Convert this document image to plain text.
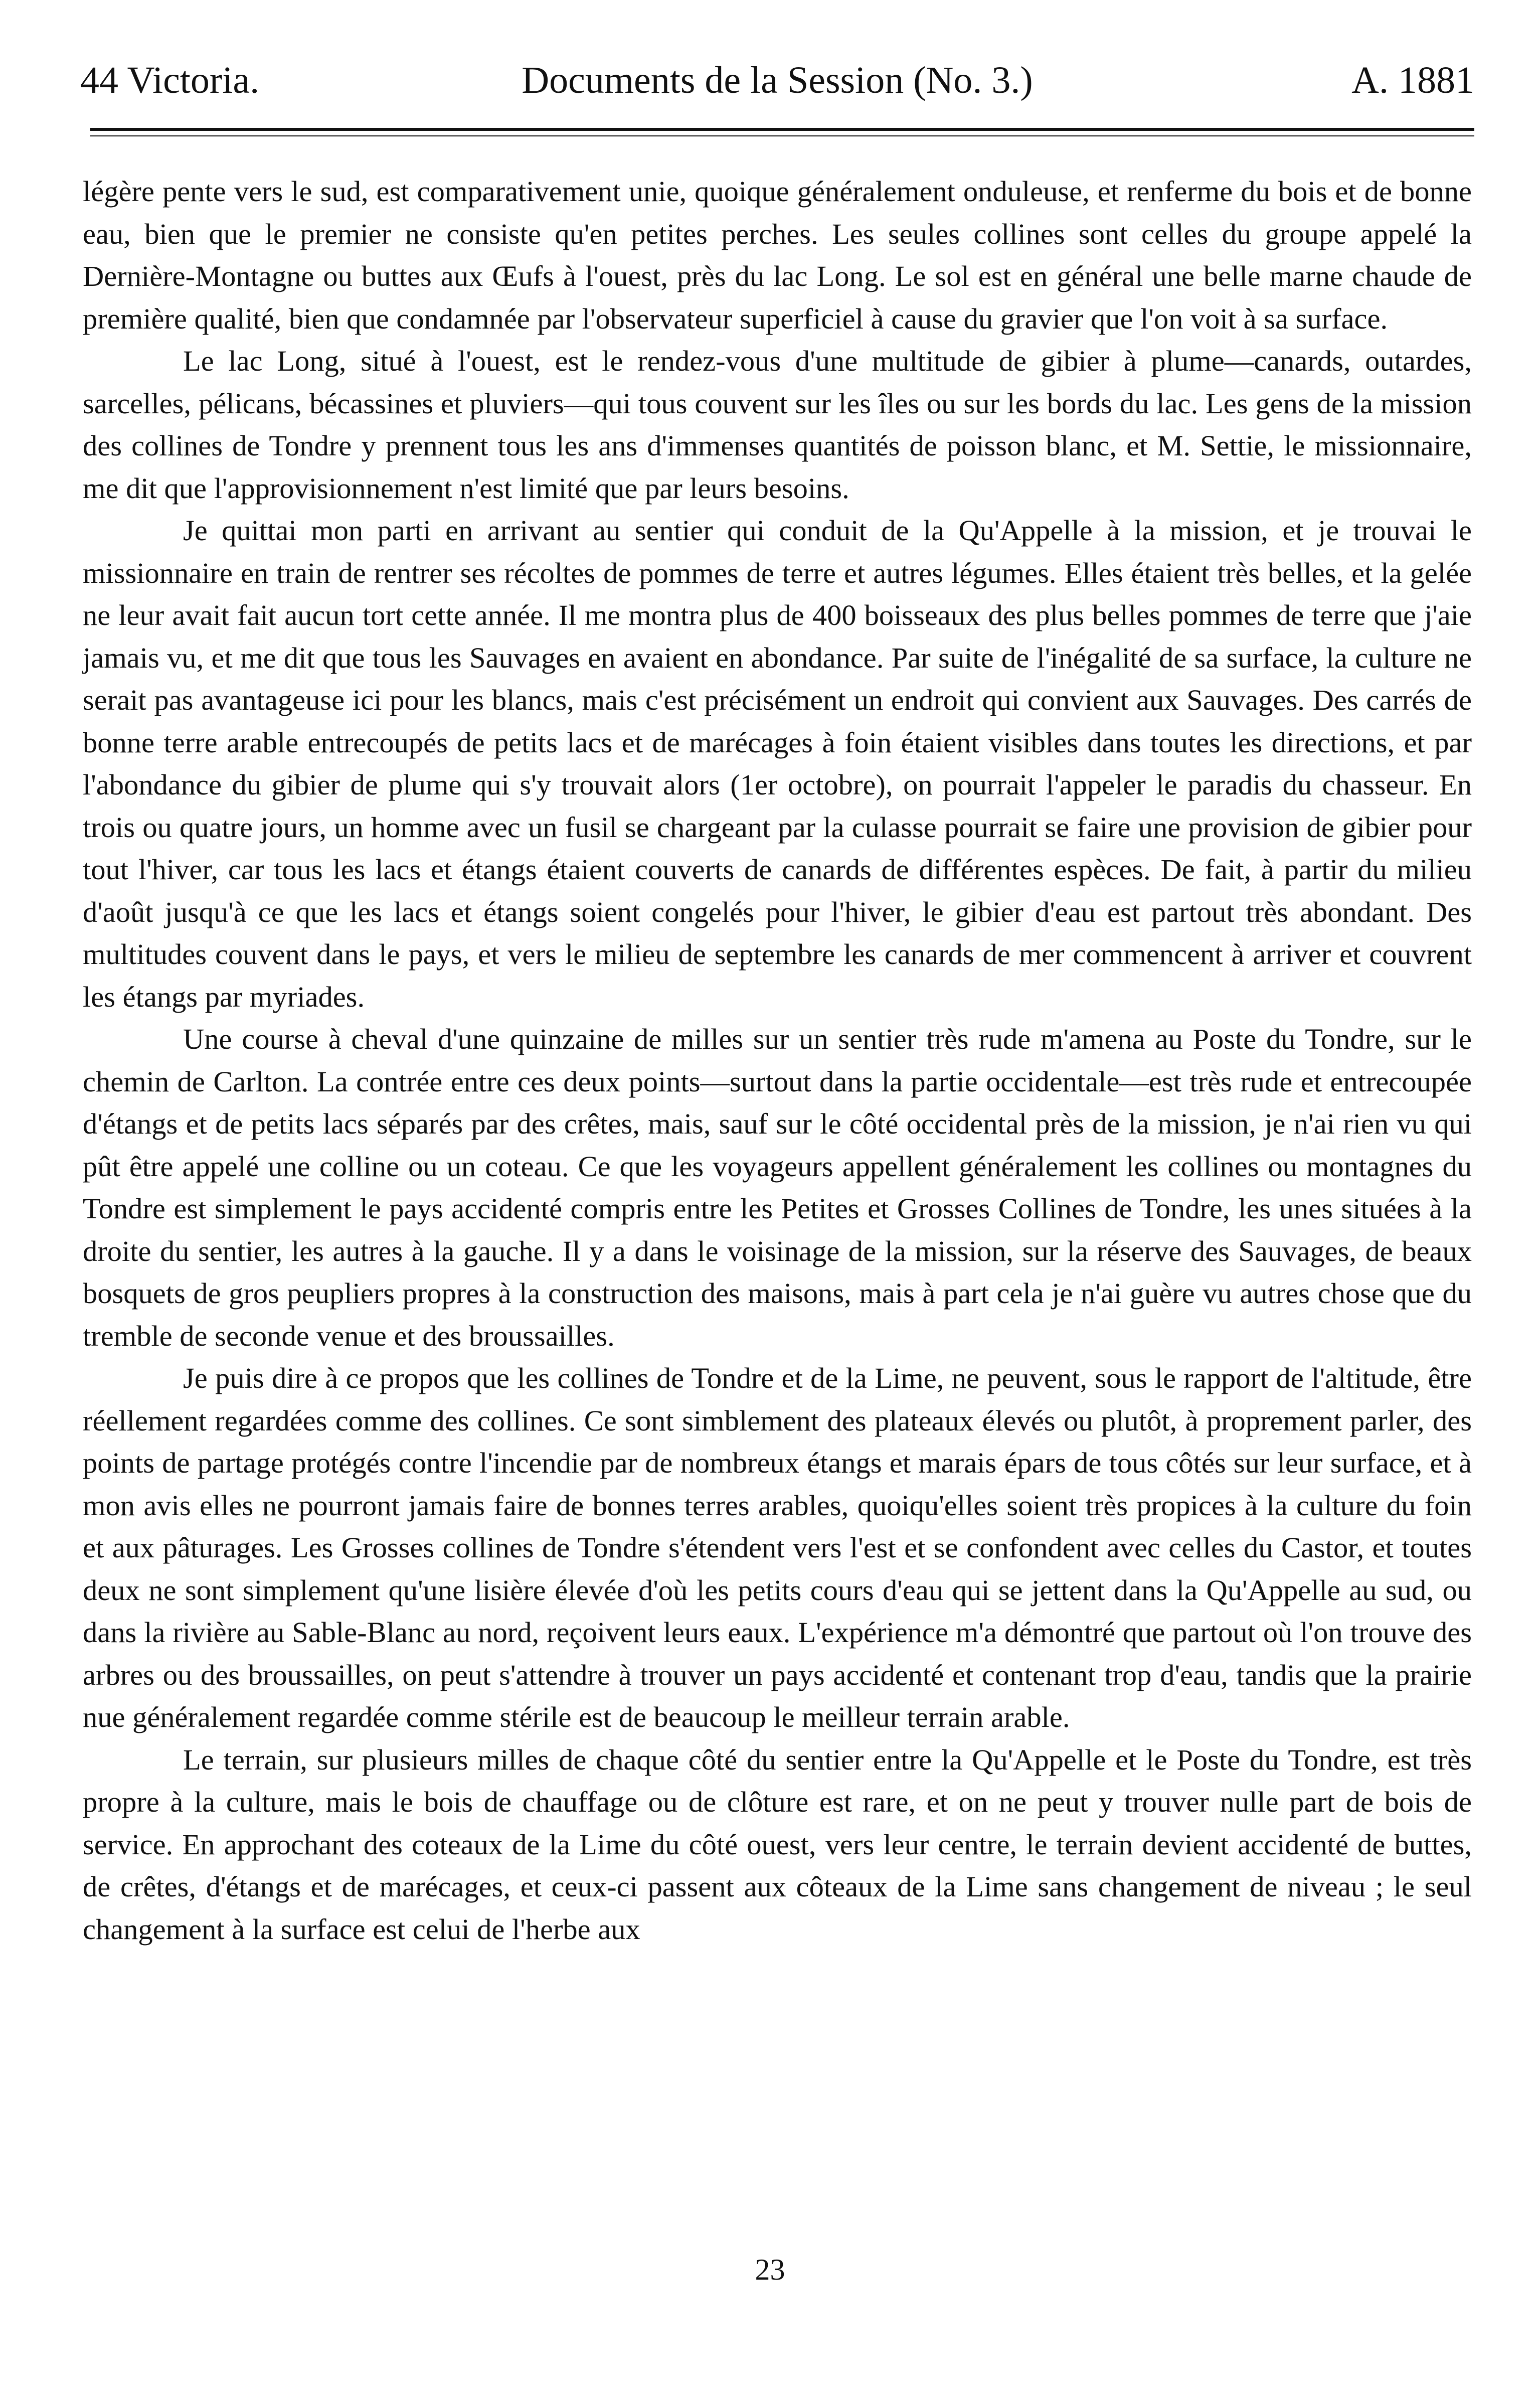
44 Victoria.	Documents de la Session (No. 3.)	A. 1881

légère pente vers le sud, est comparativement unie, quoique généralement onduleuse, et renferme du bois et de bonne eau, bien que le premier ne consiste qu'en petites perches. Les seules collines sont celles du groupe appelé la Dernière-Montagne ou buttes aux Œufs à l'ouest, près du lac Long. Le sol est en général une belle marne chaude de première qualité, bien que condamnée par l'observateur superficiel à cause du gravier que l'on voit à sa surface.

Le lac Long, situé à l'ouest, est le rendez-vous d'une multitude de gibier à plume—canards, outardes, sarcelles, pélicans, bécassines et pluviers—qui tous couvent sur les îles ou sur les bords du lac. Les gens de la mission des collines de Tondre y prennent tous les ans d'immenses quantités de poisson blanc, et M. Settie, le missionnaire, me dit que l'approvisionnement n'est limité que par leurs besoins.

Je quittai mon parti en arrivant au sentier qui conduit de la Qu'Appelle à la mission, et je trouvai le missionnaire en train de rentrer ses récoltes de pommes de terre et autres légumes. Elles étaient très belles, et la gelée ne leur avait fait aucun tort cette année. Il me montra plus de 400 boisseaux des plus belles pommes de terre que j'aie jamais vu, et me dit que tous les Sauvages en avaient en abondance. Par suite de l'inégalité de sa surface, la culture ne serait pas avantageuse ici pour les blancs, mais c'est précisément un endroit qui convient aux Sauvages. Des carrés de bonne terre arable entrecoupés de petits lacs et de marécages à foin étaient visibles dans toutes les directions, et par l'abondance du gibier de plume qui s'y trouvait alors (1er octobre), on pourrait l'appeler le paradis du chasseur. En trois ou quatre jours, un homme avec un fusil se chargeant par la culasse pourrait se faire une provision de gibier pour tout l'hiver, car tous les lacs et étangs étaient couverts de canards de différentes espèces. De fait, à partir du milieu d'août jusqu'à ce que les lacs et étangs soient congelés pour l'hiver, le gibier d'eau est partout très abondant. Des multitudes couvent dans le pays, et vers le milieu de septembre les canards de mer commencent à arriver et couvrent les étangs par myriades.

Une course à cheval d'une quinzaine de milles sur un sentier très rude m'amena au Poste du Tondre, sur le chemin de Carlton. La contrée entre ces deux points—surtout dans la partie occidentale—est très rude et entrecoupée d'étangs et de petits lacs séparés par des crêtes, mais, sauf sur le côté occidental près de la mission, je n'ai rien vu qui pût être appelé une colline ou un coteau. Ce que les voyageurs appellent généralement les collines ou montagnes du Tondre est simplement le pays accidenté compris entre les Petites et Grosses Collines de Tondre, les unes situées à la droite du sentier, les autres à la gauche. Il y a dans le voisinage de la mission, sur la réserve des Sauvages, de beaux bosquets de gros peupliers propres à la construction des maisons, mais à part cela je n'ai guère vu autres chose que du tremble de seconde venue et des broussailles.

Je puis dire à ce propos que les collines de Tondre et de la Lime, ne peuvent, sous le rapport de l'altitude, être réellement regardées comme des collines. Ce sont simblement des plateaux élevés ou plutôt, à proprement parler, des points de partage protégés contre l'incendie par de nombreux étangs et marais épars de tous côtés sur leur surface, et à mon avis elles ne pourront jamais faire de bonnes terres arables, quoiqu'elles soient très propices à la culture du foin et aux pâturages. Les Grosses collines de Tondre s'étendent vers l'est et se confondent avec celles du Castor, et toutes deux ne sont simplement qu'une lisière élevée d'où les petits cours d'eau qui se jettent dans la Qu'Appelle au sud, ou dans la rivière au Sable-Blanc au nord, reçoivent leurs eaux. L'expérience m'a démontré que partout où l'on trouve des arbres ou des broussailles, on peut s'attendre à trouver un pays accidenté et contenant trop d'eau, tandis que la prairie nue généralement regardée comme stérile est de beaucoup le meilleur terrain arable.

Le terrain, sur plusieurs milles de chaque côté du sentier entre la Qu'Appelle et le Poste du Tondre, est très propre à la culture, mais le bois de chauffage ou de clôture est rare, et on ne peut y trouver nulle part de bois de service. En approchant des coteaux de la Lime du côté ouest, vers leur centre, le terrain devient accidenté de buttes, de crêtes, d'étangs et de marécages, et ceux-ci passent aux côteaux de la Lime sans changement de niveau ; le seul changement à la surface est celui de l'herbe aux

23
